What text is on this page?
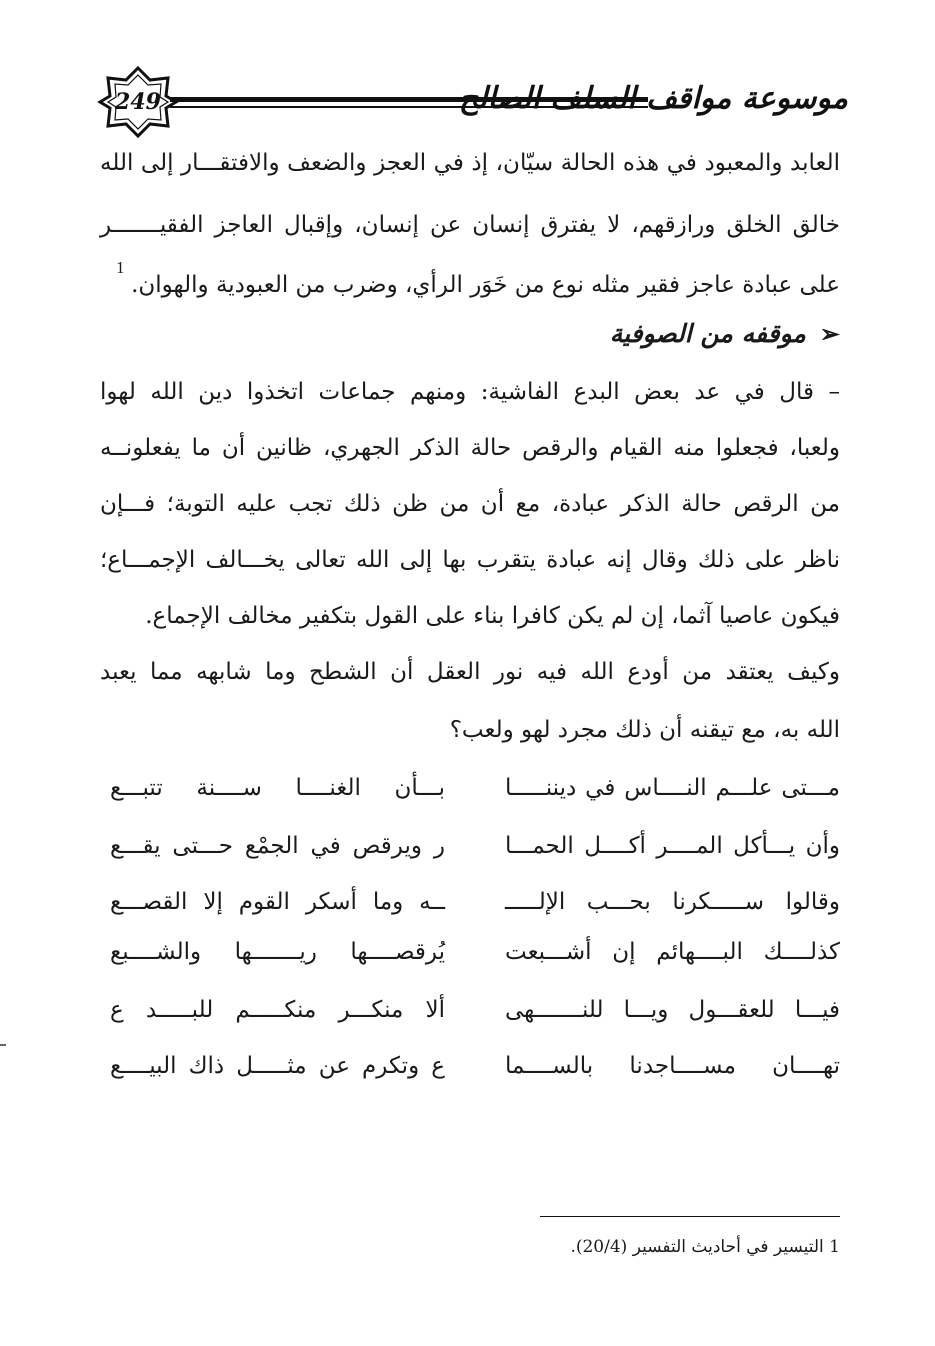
249	موسوعة مواقف السلف الصالح
العابد والمعبود في هذه الحالة سيّان، إذ في العجز والضعف والافتقـــار إلى الله
خالق الخلق ورازقهم، لا يفترق إنسان عن إنسان، وإقبال العاجز الفقيـــــــر
على عبادة عاجز فقير مثله نوع من خَوَر الرأي، وضرب من العبودية والهوان.
1
➢موقفه من الصوفية
– قال في عد بعض البدع الفاشية: ومنهم جماعات اتخذوا دين الله لهوا
ولعبا، فجعلوا منه القيام والرقص حالة الذكر الجهري، ظانين أن ما يفعلونــه
من الرقص حالة الذكر عبادة، مع أن من ظن ذلك تجب عليه التوبة؛ فـــإن
ناظر على ذلك وقال إنه عبادة يتقرب بها إلى الله تعالى يخـــالف الإجمـــاع؛
فيكون عاصيا آثما، إن لم يكن كافرا بناء على القول بتكفير مخالف الإجماع.
وكيف يعتقد من أودع الله فيه نور العقل أن الشطح وما شابهه مما يعبد
الله به، مع تيقنه أن ذلك مجرد لهو ولعب؟
مـــتى علـــم النــــاس في ديننـــــا
بـــأن الغنــــا ســــنة تتبـــع
وأن يـــأكل المــــر أكــــل الحمـــا
ر ويرقص في الجمْع حـــتى يقـــع
وقالوا ســـــكرنا بحـــب الإلـــــ
ــه وما أسكر القوم إلا القصـــع
كذلــــك البــــهائم إن أشـــبعت
يُرقصــــها ريـــــــها والشــــبع
فيـــا للعقـــول ويـــا للنـــــــهى
ألا منكـــر منكـــــم للبـــــد ع
تهــــان مســــاجدنا بالســــما
ع وتكرم عن مثـــــل ذاك البيــــع
1 التيسير في أحاديث التفسير (20/4).
